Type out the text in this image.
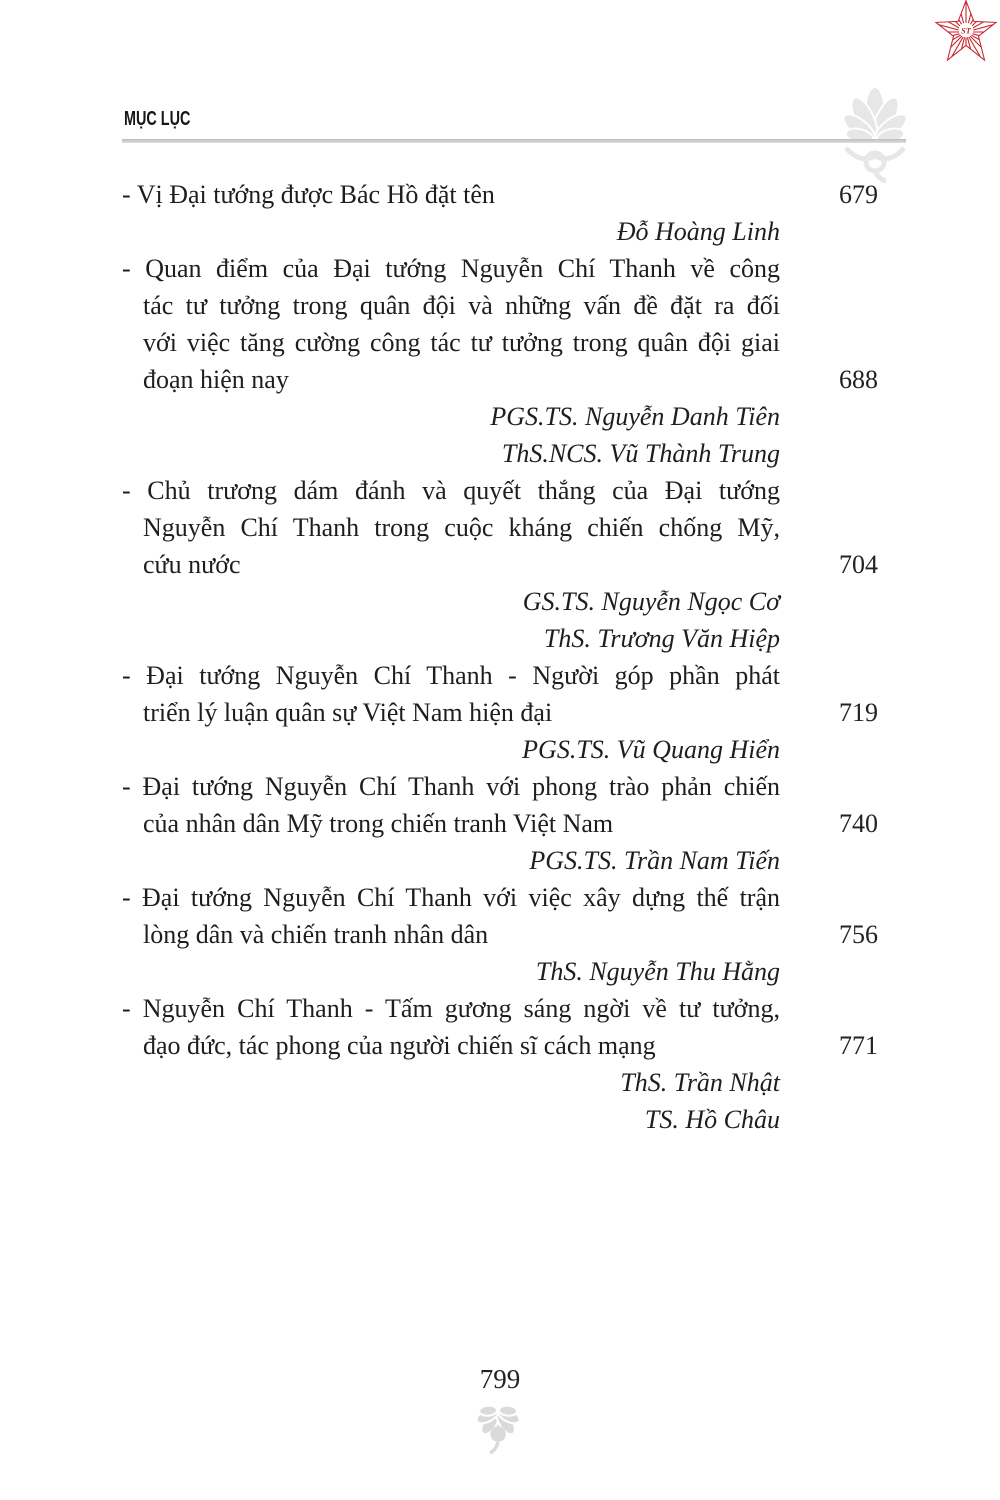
ST
MỤC LỤC
- Vị Đại tướng được Bác Hồ đặt tên	679
Đỗ Hoàng Linh
- Quan điểm của Đại tướng Nguyễn Chí Thanh về công
tác tư tưởng trong quân đội và những vấn đề đặt ra đối
với việc tăng cường công tác tư tưởng trong quân đội giai
đoạn hiện nay	688
PGS.TS. Nguyễn Danh Tiên
ThS.NCS. Vũ Thành Trung
- Chủ trương dám đánh và quyết thắng của Đại tướng
Nguyễn Chí Thanh trong cuộc kháng chiến chống Mỹ,
cứu nước	704
GS.TS. Nguyễn Ngọc Cơ
ThS. Trương Văn Hiệp
- Đại tướng Nguyễn Chí Thanh - Người góp phần phát
triển lý luận quân sự Việt Nam hiện đại	719
PGS.TS. Vũ Quang Hiển
- Đại tướng Nguyễn Chí Thanh với phong trào phản chiến
của nhân dân Mỹ trong chiến tranh Việt Nam	740
PGS.TS. Trần Nam Tiến
- Đại tướng Nguyễn Chí Thanh với việc xây dựng thế trận
lòng dân và chiến tranh nhân dân	756
ThS. Nguyễn Thu Hằng
- Nguyễn Chí Thanh - Tấm gương sáng ngời về tư tưởng,
đạo đức, tác phong của người chiến sĩ cách mạng	771
ThS. Trần Nhật
TS. Hồ Châu
799
